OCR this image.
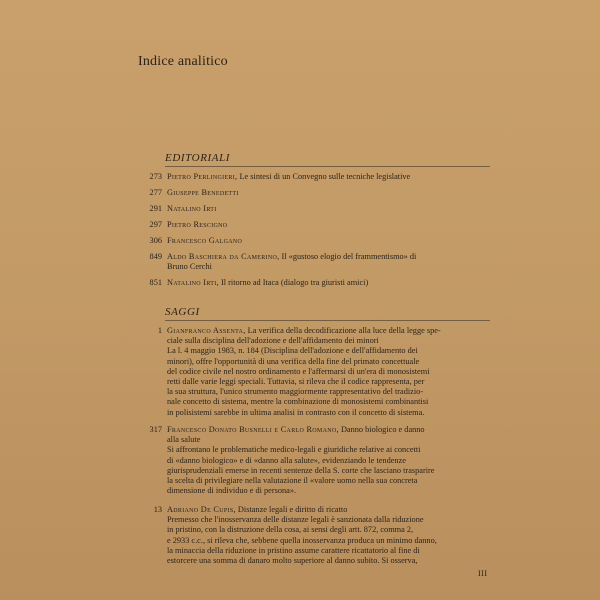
Indice analitico
EDITORIALI
273 Pietro Perlingieri, Le sintesi di un Convegno sulle tecniche legislative
277 Giuseppe Benedetti
291 Natalino Irti
297 Pietro Rescigno
306 Francesco Galgano
849 Aldo Baschiera da Camerino, Il «gustoso elogio del frammentismo» di
Bruno Cerchi
851 Natalino Irti, Il ritorno ad Itaca (dialogo tra giuristi amici)
SAGGI
1 Gianfranco Assenta, La verifica della decodificazione alla luce della legge spe-
ciale sulla disciplina dell'adozione e dell'affidamento dei minori
La l. 4 maggio 1983, n. 184 (Disciplina dell'adozione e dell'affidamento dei
minori), offre l'opportunità di una verifica della fine del primato concettuale
del codice civile nel nostro ordinamento e l'affermarsi di un'era di monosistemi
retti dalle varie leggi speciali. Tuttavia, si rileva che il codice rappresenta, per
la sua struttura, l'unico strumento maggiormente rappresentativo del tradizio-
nale concetto di sistema, mentre la combinazione di monosistemi combinantisi
in polisistemi sarebbe in ultima analisi in contrasto con il concetto di sistema.
317 Francesco Donato Busnelli e Carlo Romano, Danno biologico e danno
alla salute
Si affrontano le problematiche medico-legali e giuridiche relative ai concetti
di «danno biologico» e di «danno alla salute», evidenziando le tendenze
giurisprudenziali emerse in recenti sentenze della S. corte che lasciano trasparire
la scelta di privilegiare nella valutazione il «valore uomo nella sua concreta
dimensione di individuo e di persona».
13 Adriano De Cupis, Distanze legali e diritto di ricatto
Premesso che l'inosservanza delle distanze legali è sanzionata dalla riduzione
in pristino, con la distruzione della cosa, ai sensi degli artt. 872, comma 2,
e 2933 c.c., si rileva che, sebbene quella inosservanza produca un minimo danno,
la minaccia della riduzione in pristino assume carattere ricattatorio al fine di
estorcere una somma di danaro molto superiore al danno subito. Si osserva,
III
